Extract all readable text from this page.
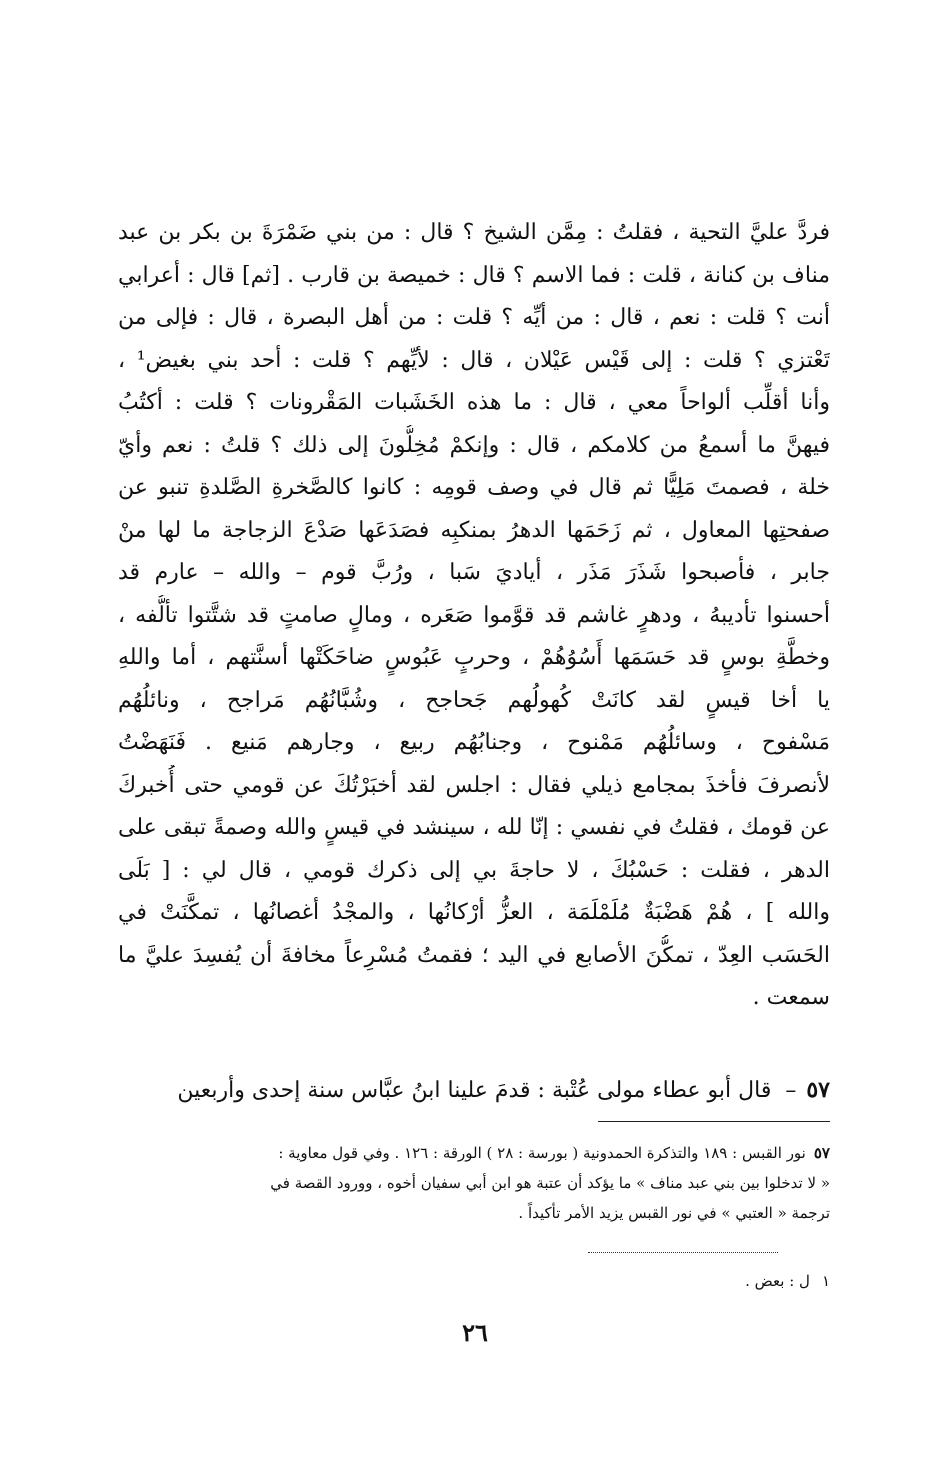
فردَّ عليَّ التحية ، فقلتُ : مِمَّن الشيخ ؟ قال : من بني ضَمْرَةَ بن بكر بن عبد
مناف بن كنانة ، قلت : فما الاسم ؟ قال : خميصة بن قارب . [ثم] قال : أعرابي
أنت ؟ قلت : نعم ، قال : من أيِّه ؟ قلت : من أهل البصرة ، قال : فإلى من
تَعْتزي ؟ قلت : إلى قَيْس عَيْلان ، قال : لأيِّهم ؟ قلت : أحد بني بغيض¹ ،
وأنا أقلِّب ألواحاً معي ، قال : ما هذه الخَشَبات المَقْرونات ؟ قلت : أكتُبُ
فيهنَّ ما أسمعُ من كلامكم ، قال : وإنكمْ مُخِلُّونَ إلى ذلك ؟ قلتُ : نعم وأيّ
خلة ، فصمتَ مَلِيًّا ثم قال في وصف قومِه : كانوا كالصَّخرةِ الصَّلدةِ تنبو عن
صفحتِها المعاول ، ثم زَحَمَها الدهرُ بمنكبِه فصَدَعَها صَدْعَ الزجاجة ما لها منْ
جابر ، فأصبحوا شَذَرَ مَذَر ، أياديَ سَبا ، ورُبَّ قوم – والله – عارم قد
أحسنوا تأديبهُ ، ودهرٍ غاشم قد قوَّموا صَعَره ، ومالٍ صامتٍ قد شتَّتوا تألُّفه ،
وخطَّةِ بوسٍ قد حَسَمَها أَسُوُهُمْ ، وحربٍ عَبُوسٍ ضاحَكَتْها أسنَّتهم ، أما واللهِ
يا أخا قيسٍ لقد كانَتْ كُهولُهم جَحاجح ، وشُبَّانُهُم مَراجح ، ونائلُهُم
مَسْفوح ، وسائلُهُم مَمْنوح ، وجنابُهُم ربيع ، وجارهم مَنيع . فَنَهَضْتُ
لأنصرفَ فأخذَ بمجامع ذيلي فقال : اجلس لقد أخبَرْتُكَ عن قومي حتى أُخبركَ
عن قومك ، فقلتُ في نفسي : إنّا لله ، سينشد في قيسٍ والله وصمةً تبقى على
الدهر ، فقلت : حَسْبُكَ ، لا حاجةَ بي إلى ذكرك قومي ، قال لي : [ بَلَى
والله ] ، هُمْ هَضْبَةٌ مُلَمْلَمَة ، العزُّ أرْكانُها ، والمجْدُ أغصانُها ، تمكَّنَتْ في
الحَسَب العِدّ ، تمكُّنَ الأصابع في اليد ؛ فقمتُ مُسْرِعاً مخافةَ أن يُفسِدَ عليَّ ما
سمعت .
٥٧–قال أبو عطاء مولى عُتْبة : قدمَ علينا ابنُ عبَّاس سنة إحدى وأربعين
٥٧نور القبس : ١٨٩ والتذكرة الحمدونية ( بورسة : ٢٨ ) الورقة : ١٢٦ . وفي قول معاوية :
« لا تدخلوا بين بني عبد مناف » ما يؤكد أن عتبة هو ابن أبي سفيان أخوه ، وورود القصة في
ترجمة « العتبي » في نور القبس يزيد الأمر تأكيداً .
١ل : بعض .
٢٦
